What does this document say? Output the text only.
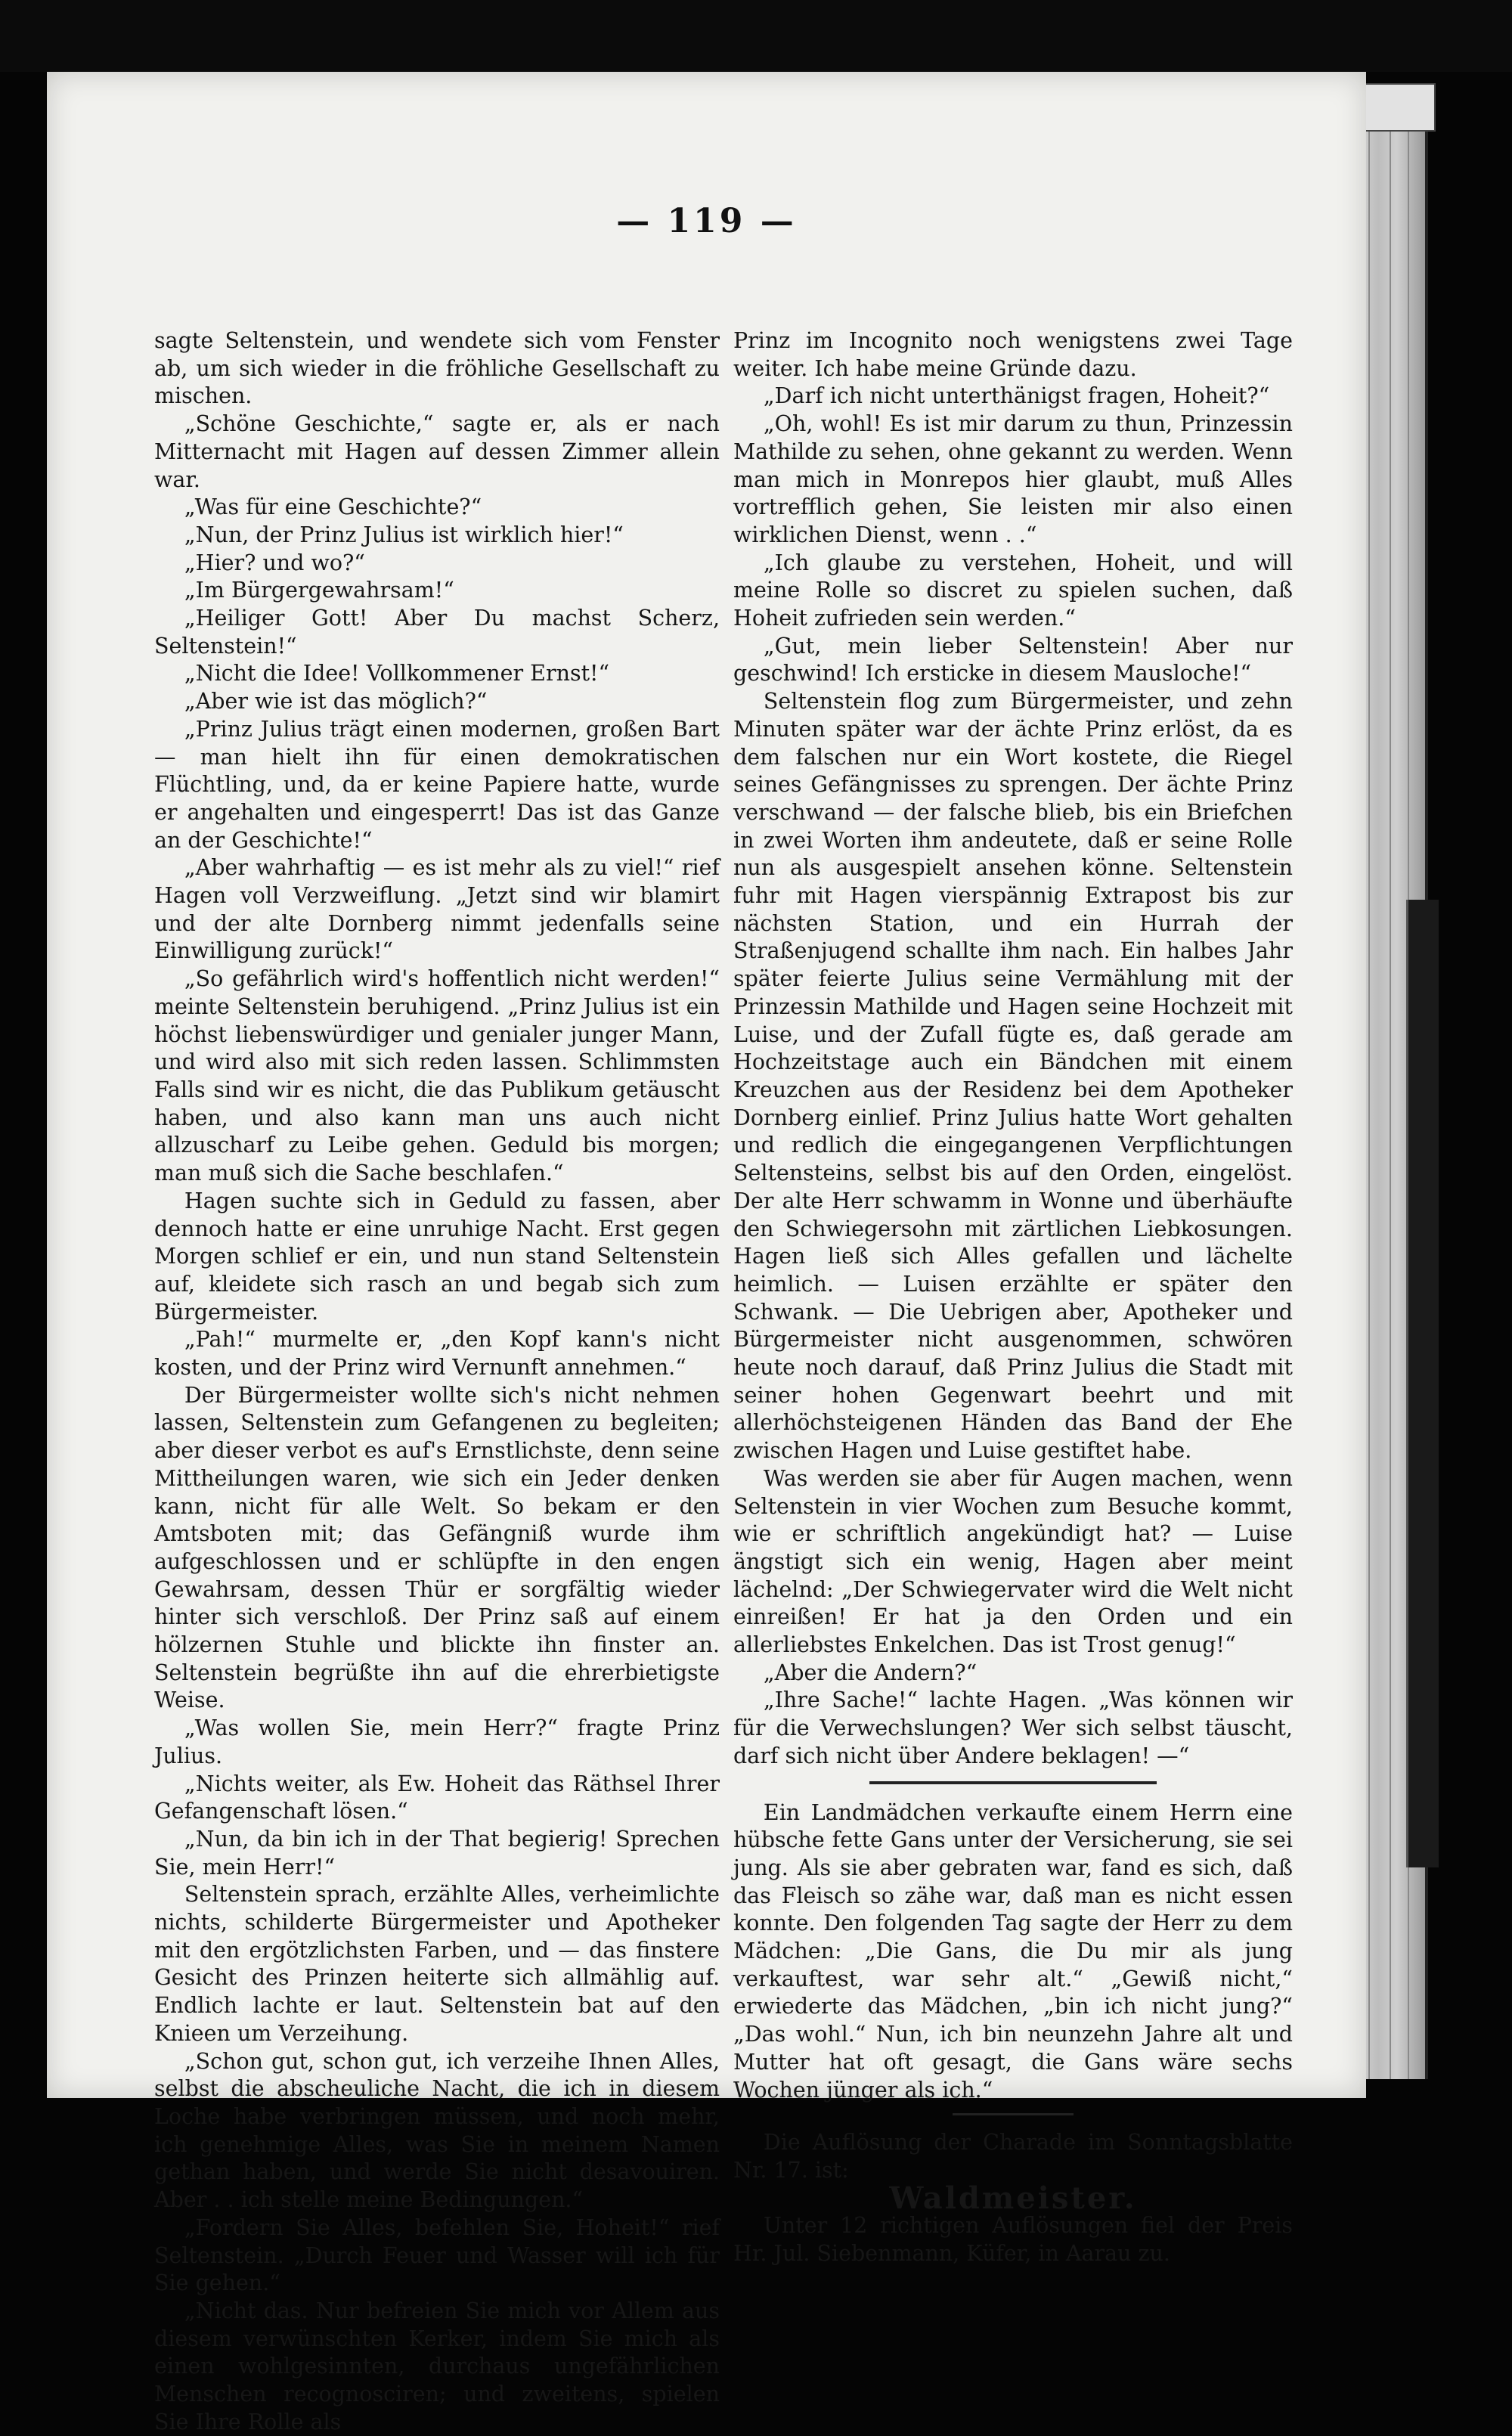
— 119 —

sagte Seltenstein, und wendete sich vom Fenster ab, um sich wieder in die fröhliche Gesellschaft zu mischen.

„Schöne Geschichte,“ sagte er, als er nach Mitternacht mit Hagen auf dessen Zimmer allein war.

„Was für eine Geschichte?“

„Nun, der Prinz Julius ist wirklich hier!“

„Hier? und wo?“

„Im Bürgergewahrsam!“

„Heiliger Gott! Aber Du machst Scherz, Seltenstein!“

„Nicht die Idee! Vollkommener Ernst!“

„Aber wie ist das möglich?“

„Prinz Julius trägt einen modernen, großen Bart — man hielt ihn für einen demokratischen Flüchtling, und, da er keine Papiere hatte, wurde er angehalten und eingesperrt! Das ist das Ganze an der Geschichte!“

„Aber wahrhaftig — es ist mehr als zu viel!“ rief Hagen voll Verzweiflung. „Jetzt sind wir blamirt und der alte Dornberg nimmt jedenfalls seine Einwilligung zurück!“

„So gefährlich wird's hoffentlich nicht werden!“ meinte Seltenstein beruhigend. „Prinz Julius ist ein höchst liebenswürdiger und genialer junger Mann, und wird also mit sich reden lassen. Schlimmsten Falls sind wir es nicht, die das Publikum getäuscht haben, und also kann man uns auch nicht allzuscharf zu Leibe gehen. Geduld bis morgen; man muß sich die Sache beschlafen.“

Hagen suchte sich in Geduld zu fassen, aber dennoch hatte er eine unruhige Nacht. Erst gegen Morgen schlief er ein, und nun stand Seltenstein auf, kleidete sich rasch an und begab sich zum Bürgermeister.

„Pah!“ murmelte er, „den Kopf kann's nicht kosten, und der Prinz wird Vernunft annehmen.“

Der Bürgermeister wollte sich's nicht nehmen lassen, Seltenstein zum Gefangenen zu begleiten; aber dieser verbot es auf's Ernstlichste, denn seine Mittheilungen waren, wie sich ein Jeder denken kann, nicht für alle Welt. So bekam er den Amtsboten mit; das Gefängniß wurde ihm aufgeschlossen und er schlüpfte in den engen Gewahrsam, dessen Thür er sorgfältig wieder hinter sich verschloß. Der Prinz saß auf einem hölzernen Stuhle und blickte ihn finster an. Seltenstein begrüßte ihn auf die ehrerbietigste Weise.

„Was wollen Sie, mein Herr?“ fragte Prinz Julius.

„Nichts weiter, als Ew. Hoheit das Räthsel Ihrer Gefangenschaft lösen.“

„Nun, da bin ich in der That begierig! Sprechen Sie, mein Herr!“

Seltenstein sprach, erzählte Alles, verheimlichte nichts, schilderte Bürgermeister und Apotheker mit den ergötzlichsten Farben, und — das finstere Gesicht des Prinzen heiterte sich allmählig auf. Endlich lachte er laut. Seltenstein bat auf den Knieen um Verzeihung.

„Schon gut, schon gut, ich verzeihe Ihnen Alles, selbst die abscheuliche Nacht, die ich in diesem Loche habe verbringen müssen, und noch mehr, ich genehmige Alles, was Sie in meinem Namen gethan haben, und werde Sie nicht desavouiren. Aber . . ich stelle meine Bedingungen.“

„Fordern Sie Alles, befehlen Sie, Hoheit!“ rief Seltenstein. „Durch Feuer und Wasser will ich für Sie gehen.“

„Nicht das. Nur befreien Sie mich vor Allem aus diesem verwünschten Kerker, indem Sie mich als einen wohlgesinnten, durchaus ungefährlichen Menschen recognosciren; und zweitens, spielen Sie Ihre Rolle als

Prinz im Incognito noch wenigstens zwei Tage weiter. Ich habe meine Gründe dazu.

„Darf ich nicht unterthänigst fragen, Hoheit?“

„Oh, wohl! Es ist mir darum zu thun, Prinzessin Mathilde zu sehen, ohne gekannt zu werden. Wenn man mich in Monrepos hier glaubt, muß Alles vortrefflich gehen, Sie leisten mir also einen wirklichen Dienst, wenn . .“

„Ich glaube zu verstehen, Hoheit, und will meine Rolle so discret zu spielen suchen, daß Hoheit zufrieden sein werden.“

„Gut, mein lieber Seltenstein! Aber nur geschwind! Ich ersticke in diesem Mausloche!“

Seltenstein flog zum Bürgermeister, und zehn Minuten später war der ächte Prinz erlöst, da es dem falschen nur ein Wort kostete, die Riegel seines Gefängnisses zu sprengen. Der ächte Prinz verschwand — der falsche blieb, bis ein Briefchen in zwei Worten ihm andeutete, daß er seine Rolle nun als ausgespielt ansehen könne. Seltenstein fuhr mit Hagen vierspännig Extrapost bis zur nächsten Station, und ein Hurrah der Straßenjugend schallte ihm nach. Ein halbes Jahr später feierte Julius seine Vermählung mit der Prinzessin Mathilde und Hagen seine Hochzeit mit Luise, und der Zufall fügte es, daß gerade am Hochzeitstage auch ein Bändchen mit einem Kreuzchen aus der Residenz bei dem Apotheker Dornberg einlief. Prinz Julius hatte Wort gehalten und redlich die eingegangenen Verpflichtungen Seltensteins, selbst bis auf den Orden, eingelöst. Der alte Herr schwamm in Wonne und überhäufte den Schwiegersohn mit zärtlichen Liebkosungen. Hagen ließ sich Alles gefallen und lächelte heimlich. — Luisen erzählte er später den Schwank. — Die Uebrigen aber, Apotheker und Bürgermeister nicht ausgenommen, schwören heute noch darauf, daß Prinz Julius die Stadt mit seiner hohen Gegenwart beehrt und mit allerhöchsteigenen Händen das Band der Ehe zwischen Hagen und Luise gestiftet habe.

Was werden sie aber für Augen machen, wenn Seltenstein in vier Wochen zum Besuche kommt, wie er schriftlich angekündigt hat? — Luise ängstigt sich ein wenig, Hagen aber meint lächelnd: „Der Schwiegervater wird die Welt nicht einreißen! Er hat ja den Orden und ein allerliebstes Enkelchen. Das ist Trost genug!“

„Aber die Andern?“

„Ihre Sache!“ lachte Hagen. „Was können wir für die Verwechslungen? Wer sich selbst täuscht, darf sich nicht über Andere beklagen! —“

Ein Landmädchen verkaufte einem Herrn eine hübsche fette Gans unter der Versicherung, sie sei jung. Als sie aber gebraten war, fand es sich, daß das Fleisch so zähe war, daß man es nicht essen konnte. Den folgenden Tag sagte der Herr zu dem Mädchen: „Die Gans, die Du mir als jung verkauftest, war sehr alt.“ „Gewiß nicht,“ erwiederte das Mädchen, „bin ich nicht jung?“ „Das wohl.“ Nun, ich bin neunzehn Jahre alt und Mutter hat oft gesagt, die Gans wäre sechs Wochen jünger als ich.“

Die Auflösung der Charade im Sonntagsblatte Nr. 17. ist:

Waldmeister.

Unter 12 richtigen Auflösungen fiel der Preis Hr. Jul. Siebenmann, Küfer, in Aarau zu.
